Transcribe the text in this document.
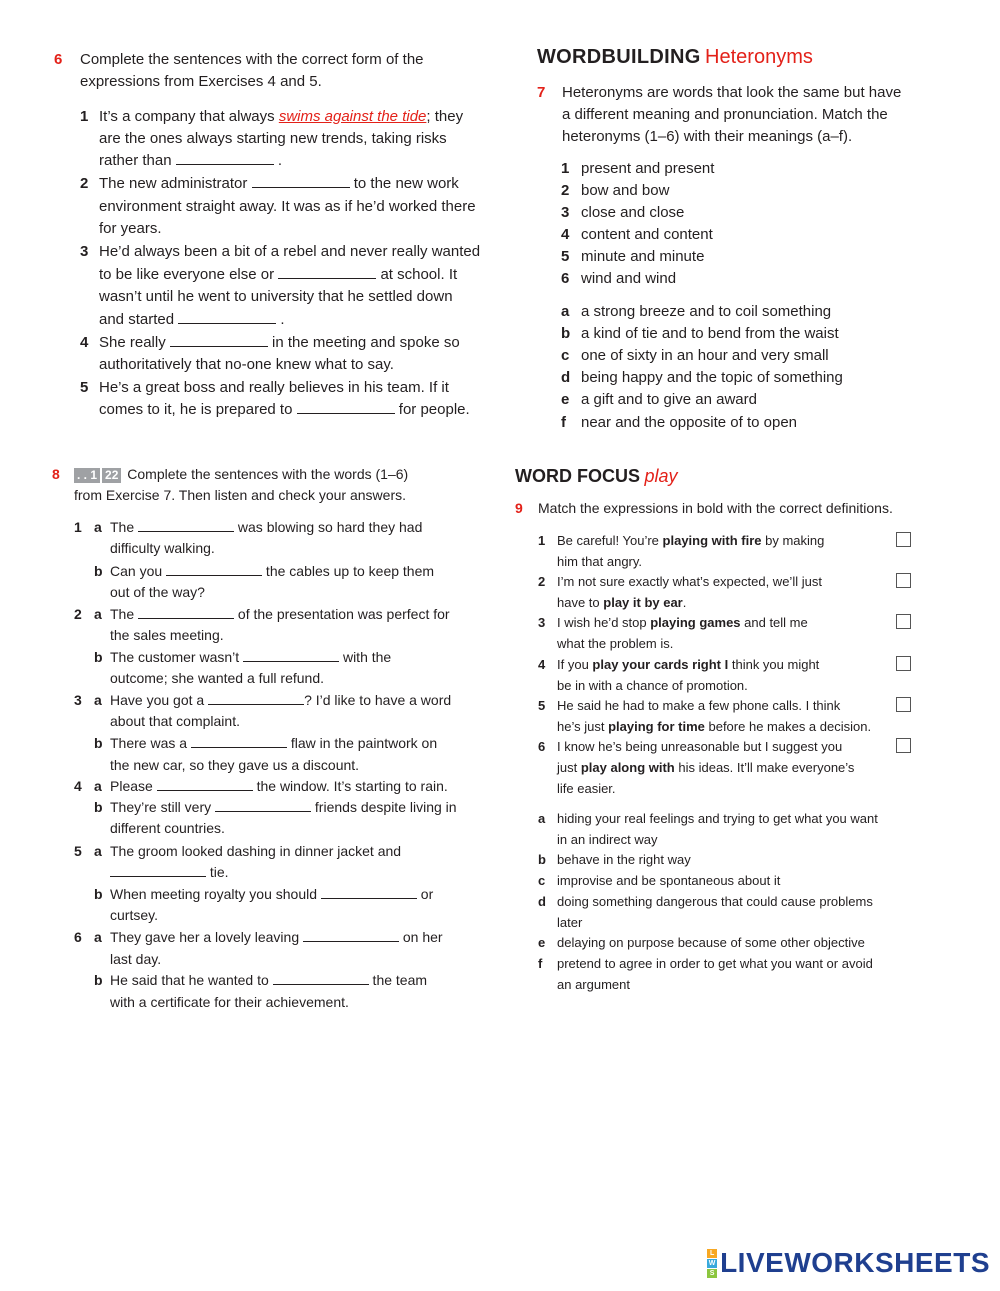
6 Complete the sentences with the correct form of the
expressions from Exercises 4 and 5.
1 It’s a company that always swims against the tide; they
are the ones always starting new trends, taking risks
rather than	.
2 The new administrator	to the new work
environment straight away. It was as if he’d worked there
for years.
3 He’d always been a bit of a rebel and never really wanted
to be like everyone else or	at school. It
wasn’t until he went to university that he settled down
and started	.
4 She really	in the meeting and spoke so
authoritatively that no-one knew what to say.
5 He’s a great boss and really believes in his team. If it
comes to it, he is prepared to	for people.
WORDBUILDING Heteronyms
7 Heteronyms are words that look the same but have
a different meaning and pronunciation. Match the
heteronyms (1–6) with their meanings (a–f).
1 present and present
2 bow and bow
3 close and close
4 content and content
5 minute and minute
6 wind and wind
a a strong breeze and to coil something
b a kind of tie and to bend from the waist
c one of sixty in an hour and very small
d being happy and the topic of something
e a gift and to give an award
f	near and the opposite of to open
8 . . 1 22 Complete the sentences with the words (1–6)
from Exercise 7. Then listen and check your answers.
1 a The	was blowing so hard they had
difficulty walking.
b Can you	the cables up to keep them
out of the way?
2 a The	of the presentation was perfect for
the sales meeting.
b The customer wasn’t	with the
outcome; she wanted a full refund.
3 a Have you got a	? I’d like to have a word
about that complaint.
b There was a	flaw in the paintwork on
the new car, so they gave us a discount.
4 a Please	the window. It’s starting to rain.
b They’re still very	friends despite living in
different countries.
5 a The groom looked dashing in dinner jacket and
tie.
b When meeting royalty you should	or
curtsey.
6 a They gave her a lovely leaving	on her
last day.
b He said that he wanted to	the team
with a certificate for their achievement.
WORD FOCUS play
9 Match the expressions in bold with the correct definitions.
1 Be careful! You’re playing with fire by making
him that angry.
2 I’m not sure exactly what’s expected, we’ll just
have to play it by ear.
3 I wish he’d stop playing games and tell me
what the problem is.
4 If you play your cards right I think you might
be in with a chance of promotion.
5 He said he had to make a few phone calls. I think
he’s just playing for time before he makes a decision.
6 I know he’s being unreasonable but I suggest you
just play along with his ideas. It’ll make everyone’s
life easier.
a hiding your real feelings and trying to get what you want
in an indirect way
b behave in the right way
c improvise and be spontaneous about it
d doing something dangerous that could cause problems
later
e delaying on purpose because of some other objective
f pretend to agree in order to get what you want or avoid
an argument
L
W
S LIVEWORKSHEETS
